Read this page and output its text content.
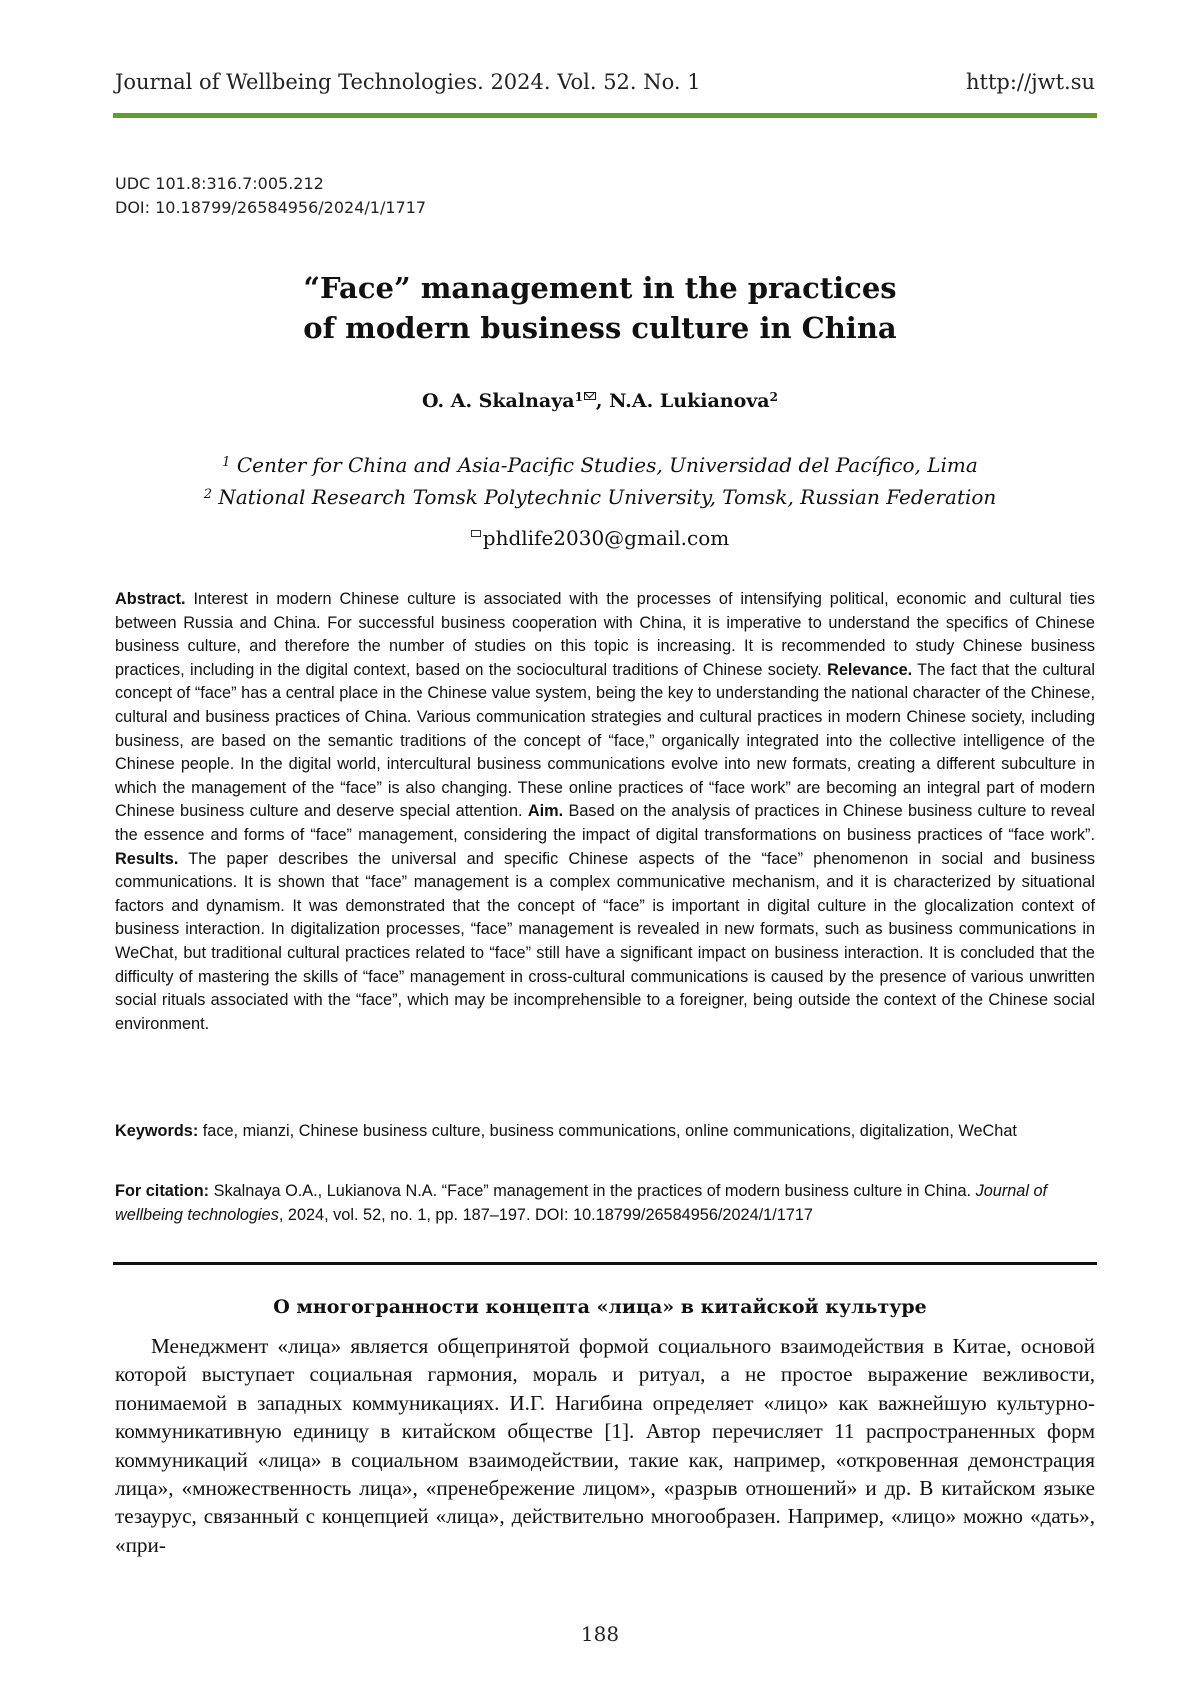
Journal of Wellbeing Technologies. 2024. Vol. 52. No. 1	http://jwt.su
UDC 101.8:316.7:005.212
DOI: 10.18799/26584956/2024/1/1717
“Face” management in the practices
of modern business culture in China
O. A. Skalnaya1 , N.A. Lukianova2
1 Center for China and Asia-Pacific Studies, Universidad del Pacífico, Lima
2 National Research Tomsk Polytechnic University, Tomsk, Russian Federation
phdlife2030@gmail.com
Abstract. Interest in modern Chinese culture is associated with the processes of intensifying political, economic and cultural ties between Russia and China. For successful business cooperation with China, it is imperative to understand the specifics of Chinese business culture, and therefore the number of studies on this topic is increasing. It is recommended to study Chinese business practices, including in the digital context, based on the sociocultural traditions of Chinese society. Relevance. The fact that the cultural concept of “face” has a central place in the Chinese value system, being the key to understanding the national character of the Chinese, cultural and business practices of China. Various communication strategies and cultural practices in modern Chinese society, including business, are based on the semantic traditions of the concept of “face,” organically integrated into the collective intelligence of the Chinese people. In the digital world, intercultural business communications evolve into new formats, creating a different subculture in which the management of the “face” is also changing. These online practices of “face work” are becoming an integral part of modern Chinese business culture and deserve special attention. Aim. Based on the analysis of practices in Chinese business culture to reveal the essence and forms of “face” management, considering the impact of digital transformations on business practices of “face work”. Results. The paper describes the universal and specific Chinese aspects of the “face” phenomenon in social and business communications. It is shown that “face” management is a complex communicative mechanism, and it is characterized by situational factors and dynamism. It was demonstrated that the concept of “face” is important in digital culture in the glocalization context of business interaction. In digitalization processes, “face” management is revealed in new formats, such as business communications in WeChat, but traditional cultural practices related to “face” still have a significant impact on business interaction. It is concluded that the difficulty of mastering the skills of “face” management in cross-cultural communications is caused by the presence of various unwritten social rituals associated with the “face”, which may be incomprehensible to a foreigner, being outside the context of the Chinese social environment.
Keywords: face, mianzi, Chinese business culture, business communications, online communications, digitalization, WeChat
For citation: Skalnaya O.A., Lukianova N.A. “Face” management in the practices of modern business culture in China. Journal of wellbeing technologies, 2024, vol. 52, no. 1, pp. 187–197. DOI: 10.18799/26584956/2024/1/1717
О многогранности концепта «лица» в китайской культуре
Менеджмент «лица» является общепринятой формой социального взаимодействия в Китае, основой которой выступает социальная гармония, мораль и ритуал, а не простое выражение вежливости, понимаемой в западных коммуникациях. И.Г. Нагибина определяет «лицо» как важнейшую культурно-коммуникативную единицу в китайском обществе [1]. Автор перечисляет 11 распространенных форм коммуникаций «лица» в социальном взаимодействии, такие как, например, «откровенная демонстрация лица», «множественность лица», «пренебрежение лицом», «разрыв отношений» и др. В китайском языке тезаурус, связанный с концепцией «лица», действительно многообразен. Например, «лицо» можно «дать», «при-
188
